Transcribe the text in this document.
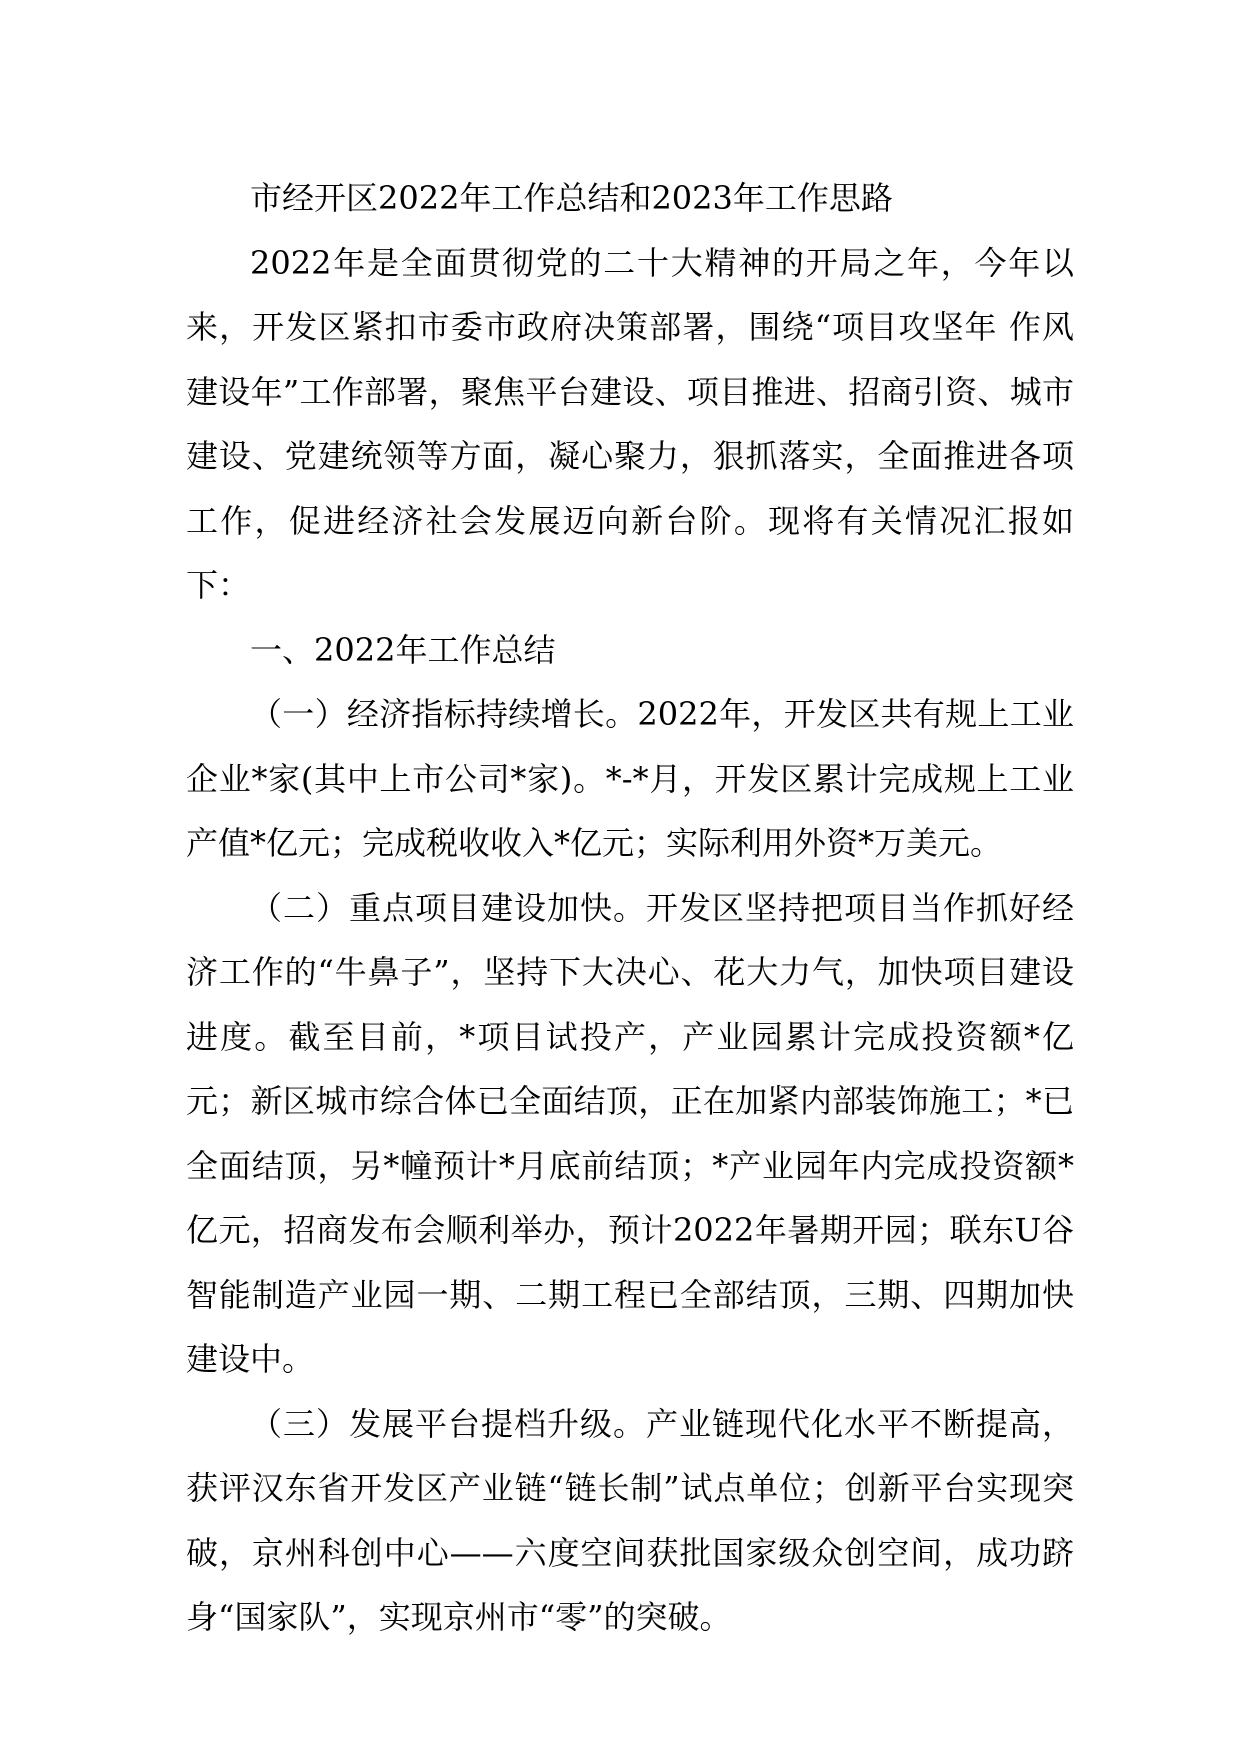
市经开区2022年工作总结和2023年工作思路

2022年是全面贯彻党的二十大精神的开局之年，今年以来，开发区紧扣市委市政府决策部署，围绕“项目攻坚年 作风建设年”工作部署，聚焦平台建设、项目推进、招商引资、城市建设、党建统领等方面，凝心聚力，狠抓落实，全面推进各项工作，促进经济社会发展迈向新台阶。现将有关情况汇报如下：

一、2022年工作总结

（一）经济指标持续增长。2022年，开发区共有规上工业企业*家(其中上市公司*家)。*-*月，开发区累计完成规上工业产值*亿元；完成税收收入*亿元；实际利用外资*万美元。

（二）重点项目建设加快。开发区坚持把项目当作抓好经济工作的“牛鼻子”，坚持下大决心、花大力气，加快项目建设进度。截至目前，*项目试投产，产业园累计完成投资额*亿元；新区城市综合体已全面结顶，正在加紧内部装饰施工；*已全面结顶，另*幢预计*月底前结顶；*产业园年内完成投资额*亿元，招商发布会顺利举办，预计2022年暑期开园；联东U谷智能制造产业园一期、二期工程已全部结顶，三期、四期加快建设中。

（三）发展平台提档升级。产业链现代化水平不断提高，获评汉东省开发区产业链“链长制”试点单位；创新平台实现突破，京州科创中心——六度空间获批国家级众创空间，成功跻身“国家队”，实现京州市“零”的突破。
